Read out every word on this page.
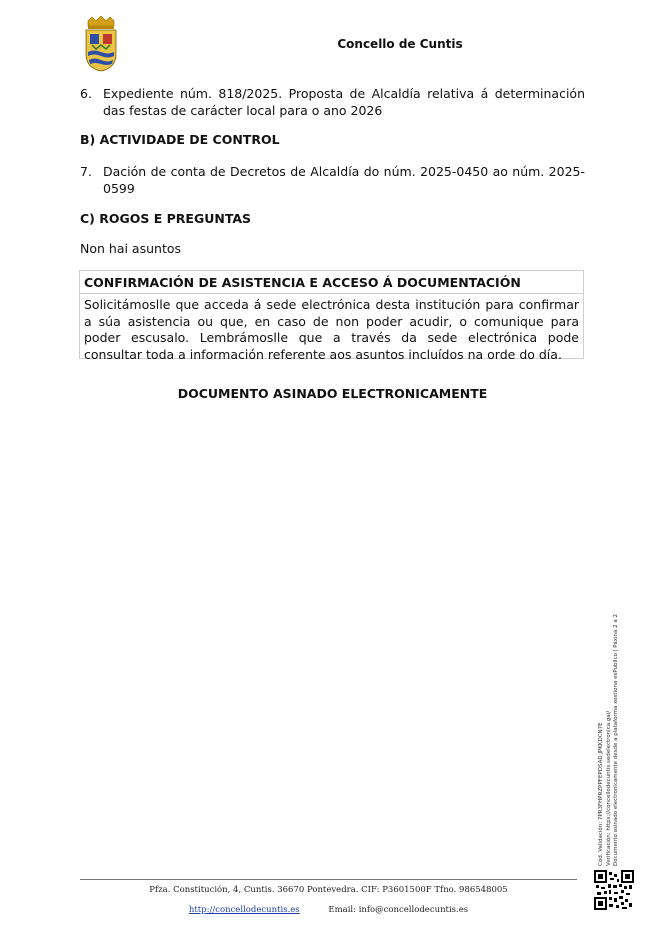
Concello de Cuntis
6. Expediente núm. 818/2025. Proposta de Alcaldía relativa á determinación das festas de carácter local para o ano 2026
B) ACTIVIDADE DE CONTROL
7. Dación de conta de Decretos de Alcaldía do núm. 2025-0450 ao núm. 2025-0599
C) ROGOS E PREGUNTAS
Non hai asuntos
CONFIRMACIÓN DE ASISTENCIA E ACCESO Á DOCUMENTACIÓN
Solicitámoslle que acceda á sede electrónica desta institución para confirmar a súa asistencia ou que, en caso de non poder acudir, o comunique para poder escusalo. Lembrámoslle que a través da sede electrónica pode consultar toda a información referente aos asuntos incluídos na orde do día.
DOCUMENTO ASINADO ELECTRONICAMENTE
Cód. Validación: 7PR3FHPRZPPFEPDSAD JPKKDCN7E Verificación: https://concellodecuntis.sedelectronica.gal/ Documento asinado electronicamente desde a plataforma xestiona esPublico | Páxina 2 a 2
Pfza. Constitución, 4, Cuntis. 36670 Pontevedra. CIF: P3601500F Tfno. 986548005
http://concellodecuntis.es	Email: info@concellodecuntis.es
